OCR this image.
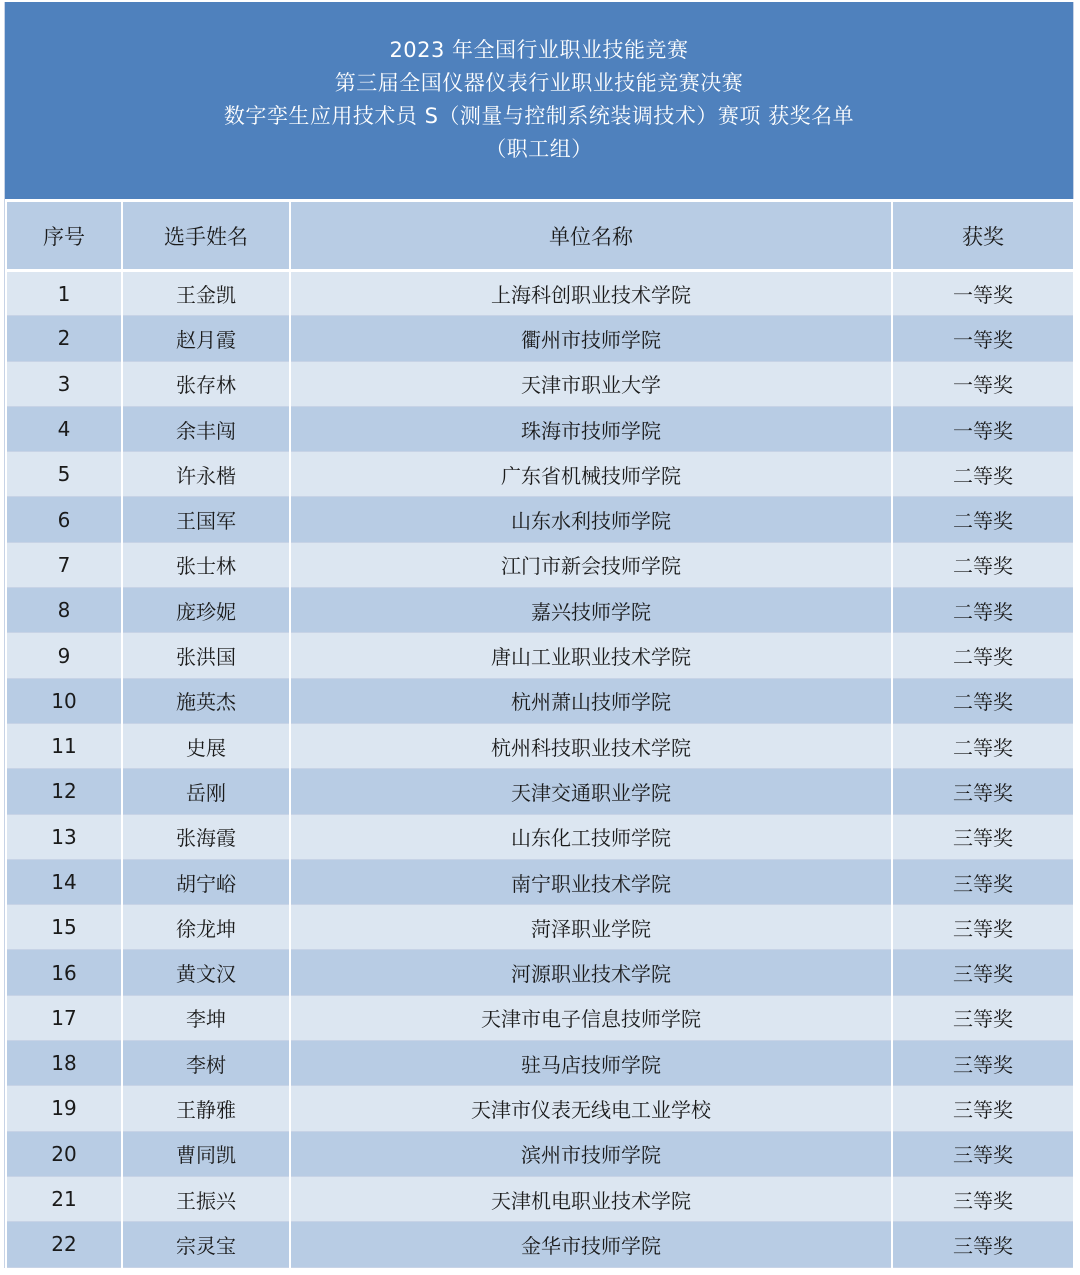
2023 年全国行业职业技能竞赛
第三届全国仪器仪表行业职业技能竞赛决赛
数字孪生应用技术员 S（测量与控制系统装调技术）赛项 获奖名单
（职工组）
序号	选手姓名	单位名称	获奖
1	王金凯	上海科创职业技术学院	一等奖
2	赵月霞	衢州市技师学院	一等奖
3	张存林	天津市职业大学	一等奖
4	余丰闯	珠海市技师学院	一等奖
5	许永楷	广东省机械技师学院	二等奖
6	王国军	山东水利技师学院	二等奖
7	张士林	江门市新会技师学院	二等奖
8	庞珍妮	嘉兴技师学院	二等奖
9	张洪国	唐山工业职业技术学院	二等奖
10	施英杰	杭州萧山技师学院	二等奖
11	史展	杭州科技职业技术学院	二等奖
12	岳刚	天津交通职业学院	三等奖
13	张海霞	山东化工技师学院	三等奖
14	胡宁峪	南宁职业技术学院	三等奖
15	徐龙坤	菏泽职业学院	三等奖
16	黄文汉	河源职业技术学院	三等奖
17	李坤	天津市电子信息技师学院	三等奖
18	李树	驻马店技师学院	三等奖
19	王静雅	天津市仪表无线电工业学校	三等奖
20	曹同凯	滨州市技师学院	三等奖
21	王振兴	天津机电职业技术学院	三等奖
22	宗灵宝	金华市技师学院	三等奖
